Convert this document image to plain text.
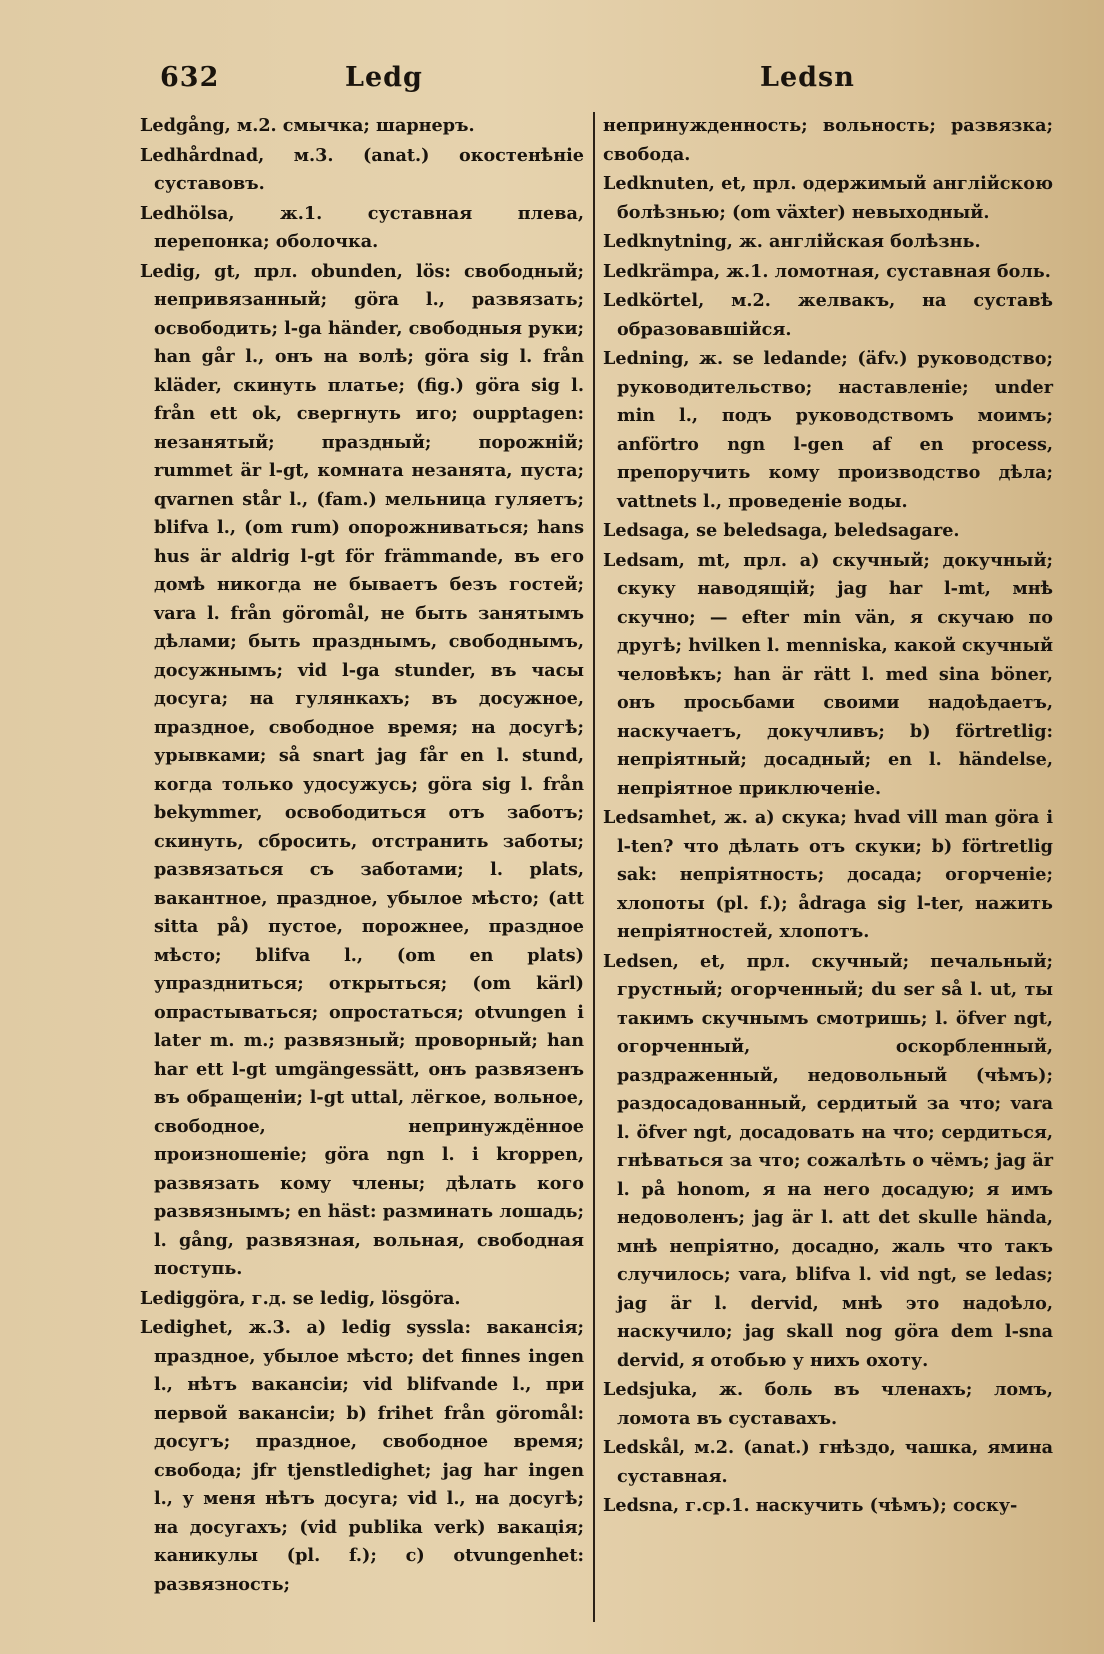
632	Ledg	Ledsn

Ledgång, м.2. смычка; шарнеръ.

Ledhårdnad, м.3. (anat.) окостенѣніе суставовъ.

Ledhölsa, ж.1. суставная плева, перепонка; оболочка.

Ledig, gt, прл. obunden, lös: свободный; непривязанный; göra l., развязать; освободить; l-ga händer, свободныя руки; han går l., онъ на волѣ; göra sig l. från kläder, скинуть платье; (fig.) göra sig l. från ett ok, свергнуть иго; oupptagen: незанятый; праздный; порожній; rummet är l-gt, комната незанята, пуста; qvarnen står l., (fam.) мельница гуляетъ; blifva l., (om rum) опорожниваться; hans hus är aldrig l-gt för främmande, въ его домѣ никогда не бываетъ безъ гостей; vara l. från göromål, не быть занятымъ дѣлами; быть празднымъ, свободнымъ, досужнымъ; vid l-ga stunder, въ часы досуга; на гулянкахъ; въ досужное, праздное, свободное время; на досугѣ; урывками; så snart jag får en l. stund, когда только удосужусь; göra sig l. från bekymmer, освободиться отъ заботъ; скинуть, сбросить, отстранить заботы; развязаться съ заботами; l. plats, вакантное, праздное, убылое мѣсто; (att sitta på) пустое, порожнее, праздное мѣсто; blifva l., (om en plats) упраздниться; открыться; (om kärl) опрастываться; опростаться; otvungen i later m. m.; развязный; проворный; han har ett l-gt umgängessätt, онъ развязенъ въ обращеніи; l-gt uttal, лёгкое, вольное, свободное, непринуждённое произношеніе; göra ngn l. i kroppen, развязать кому члены; дѣлать кого развязнымъ; en häst: разминать лошадь; l. gång, развязная, вольная, свободная поступь.

Lediggöra, г.д. se ledig, lösgöra.

Ledighet, ж.3. a) ledig syssla: вакансія; праздное, убылое мѣсто; det finnes ingen l., нѣтъ вакансіи; vid blifvande l., при первой вакансіи; b) frihet från göromål: досугъ; праздное, свободное время; свобода; jfr tjenstledighet; jag har ingen l., у меня нѣтъ досуга; vid l., на досугѣ; на досугахъ; (vid publika verk) вакація; каникулы (pl. f.); c) otvungenhet: развязность;

непринужденность; вольность; развязка; свобода.

Ledknuten, et, прл. одержимый англійскою болѣзнью; (om växter) невыходный.

Ledknytning, ж. англійская болѣзнь.

Ledkrämpa, ж.1. ломотная, суставная боль.

Ledkörtel, м.2. желвакъ, на суставѣ образовавшійся.

Ledning, ж. se ledande; (äfv.) руководство; руководительство; наставленіе; under min l., подъ руководствомъ моимъ; anförtro ngn l-gen af en process, препоручить кому производство дѣла; vattnets l., проведеніе воды.

Ledsaga, se beledsaga, beledsagare.

Ledsam, mt, прл. a) скучный; докучный; скуку наводящій; jag har l-mt, мнѣ скучно; — efter min vän, я скучаю по другѣ; hvilken l. menniska, какой скучный человѣкъ; han är rätt l. med sina böner, онъ просьбами своими надоѣдаетъ, наскучаетъ, докучливъ; b) förtretlig: непріятный; досадный; en l. händelse, непріятное приключеніе.

Ledsamhet, ж. a) скука; hvad vill man göra i l-ten? что дѣлать отъ скуки; b) förtretlig sak: непріятность; досада; огорченіе; хлопоты (pl. f.); ådraga sig l-ter, нажить непріятностей, хлопотъ.

Ledsen, et, прл. скучный; печальный; грустный; огорченный; du ser så l. ut, ты такимъ скучнымъ смотришь; l. öfver ngt, огорченный, оскорбленный, раздраженный, недовольный (чѣмъ); раздосадованный, сердитый за что; vara l. öfver ngt, досадовать на что; сердиться, гнѣваться за что; сожалѣть о чёмъ; jag är l. på honom, я на него досадую; я имъ недоволенъ; jag är l. att det skulle hända, мнѣ непріятно, досадно, жаль что такъ случилось; vara, blifva l. vid ngt, se ledas; jag är l. dervid, мнѣ это надоѣло, наскучило; jag skall nog göra dem l-sna dervid, я отобью у нихъ охоту.

Ledsjuka, ж. боль въ членахъ; ломъ, ломота въ суставахъ.

Ledskål, м.2. (anat.) гнѣздо, чашка, ямина суставная.

Ledsna, г.ср.1. наскучить (чѣмъ); соску-
